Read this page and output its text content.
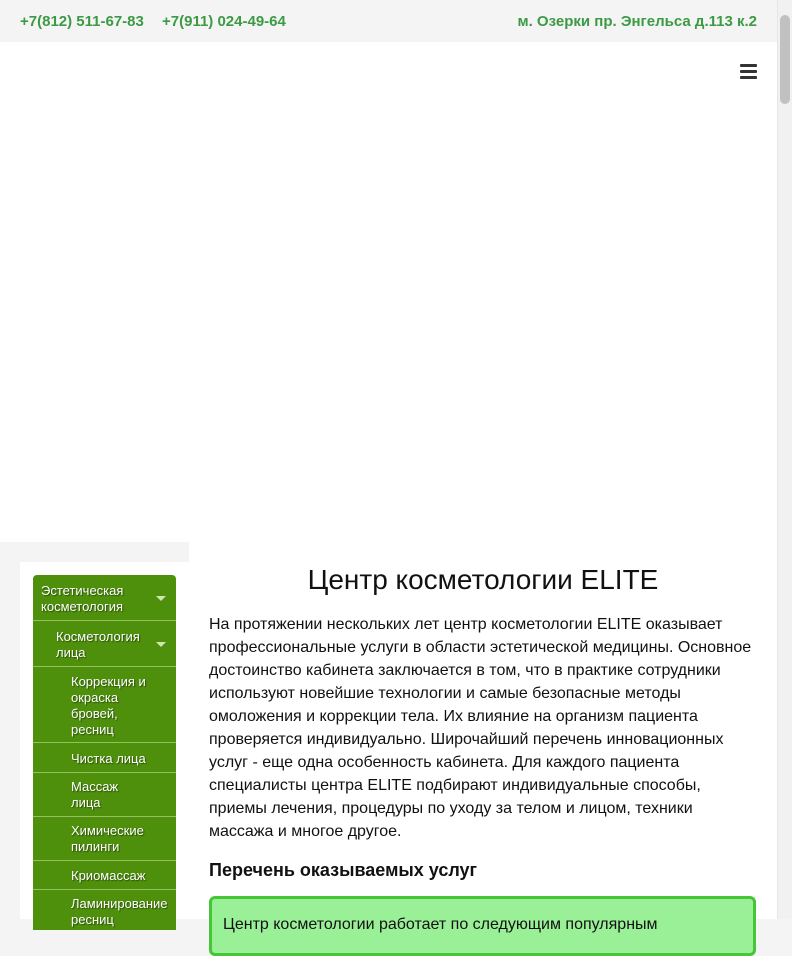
+7(812) 511-67-83 +7(911) 024-49-64	м. Озерки пр. Энгельса д.113 к.2
Эстетическая косметология
Косметология лица
Коррекция и окраска бровей, ресниц
Чистка лица
Массаж лица
Химические пилинги
Криомассаж
Ламинирование ресниц
Центр косметологии ELITE

На протяжении нескольких лет центр косметологии ELITE оказывает профессиональные услуги в области эстетической медицины. Основное достоинство кабинета заключается в том, что в практике сотрудники используют новейшие технологии и самые безопасные методы омоложения и коррекции тела. Их влияние на организм пациента проверяется индивидуально. Широчайший перечень инновационных услуг - еще одна особенность кабинета. Для каждого пациента специалисты центра ELITE подбирают индивидуальные способы, приемы лечения, процедуры по уходу за телом и лицом, техники массажа и многое другое.

Перечень оказываемых услуг

Центр косметологии работает по следующим популярным
